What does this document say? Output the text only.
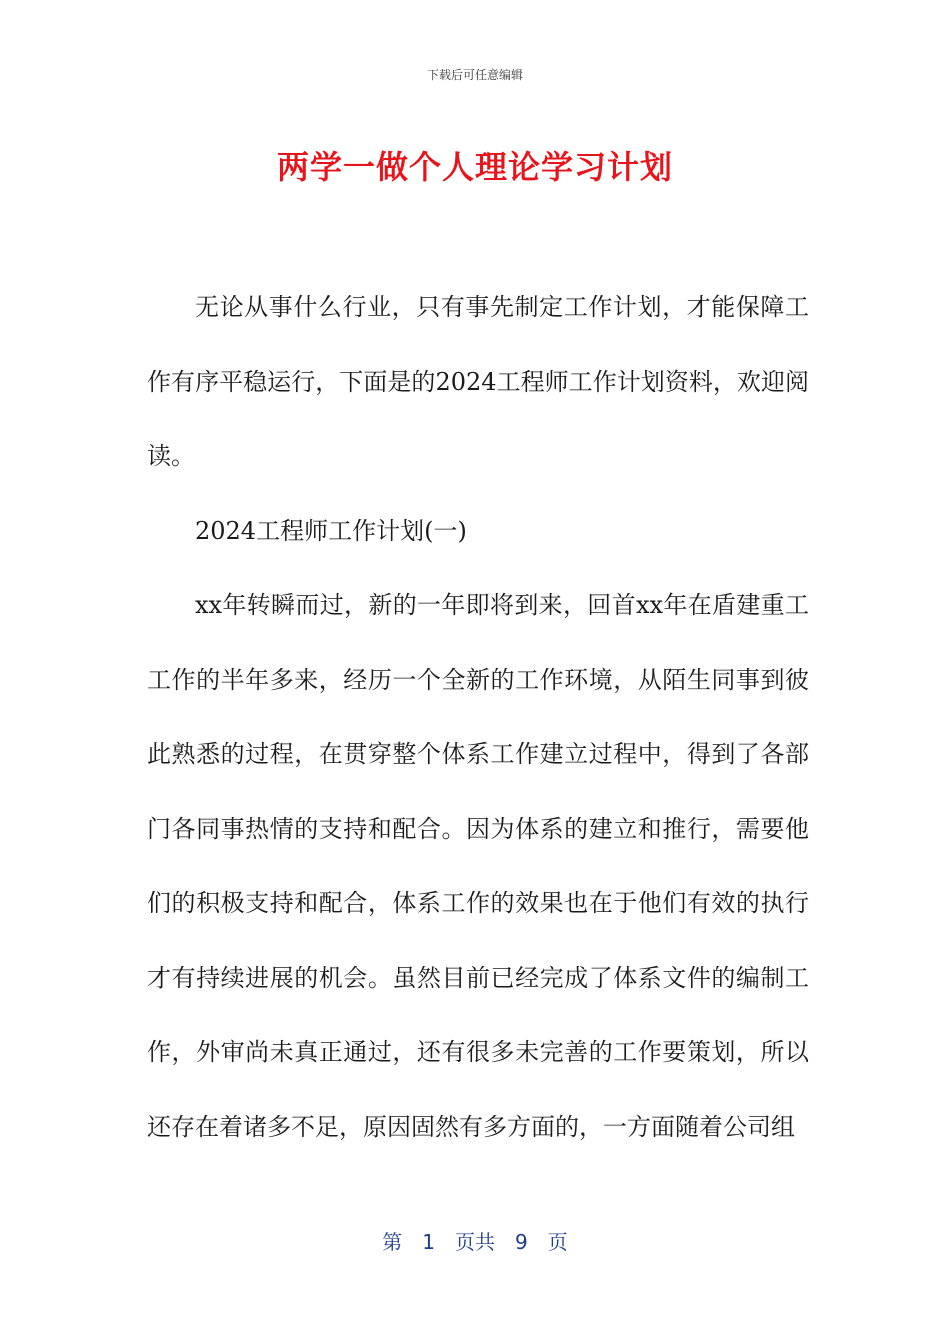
下载后可任意编辑
两学一做个人理论学习计划

无论从事什么行业，只有事先制定工作计划，才能保障工作有序平稳运行，下面是的2024工程师工作计划资料，欢迎阅读。

2024工程师工作计划(一)

xx年转瞬而过，新的一年即将到来，回首xx年在盾建重工工作的半年多来，经历一个全新的工作环境，从陌生同事到彼此熟悉的过程，在贯穿整个体系工作建立过程中，得到了各部门各同事热情的支持和配合。因为体系的建立和推行，需要他们的积极支持和配合，体系工作的效果也在于他们有效的执行才有持续进展的机会。虽然目前已经完成了体系文件的编制工作，外审尚未真正通过，还有很多未完善的工作要策划，所以还存在着诸多不足，原因固然有多方面的，一方面随着公司组

第 1 页共 9 页
